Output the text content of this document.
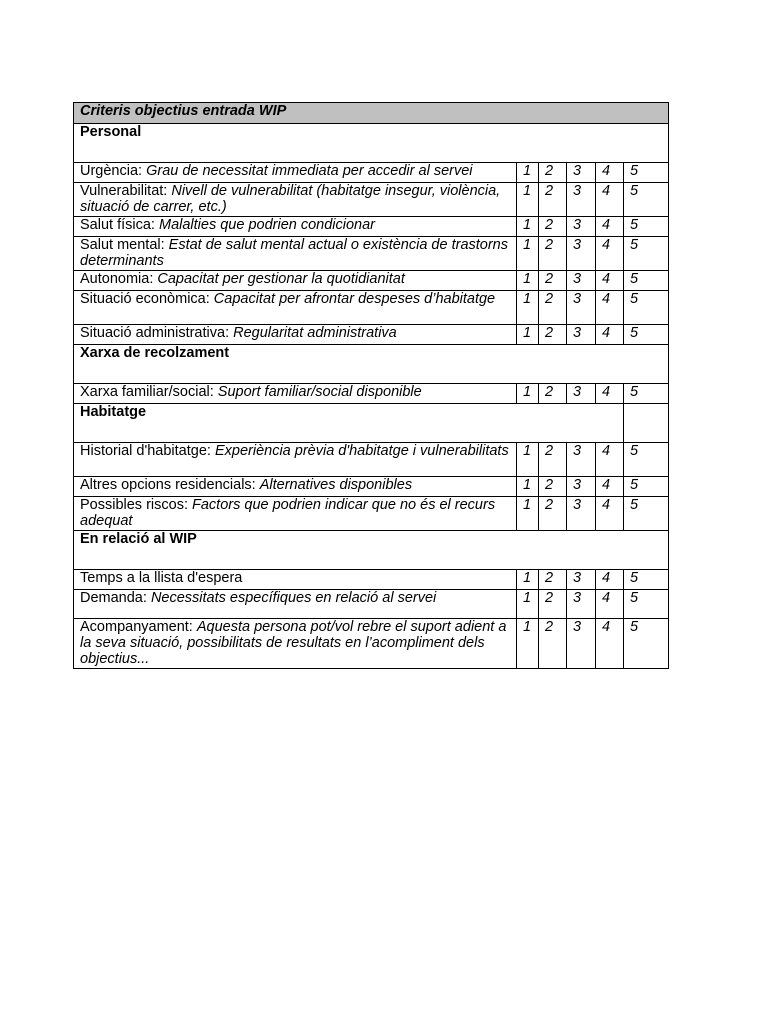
Criteris objectius entrada WIP					
Personal					
Urgència: Grau de necessitat immediata per accedir al servei	1	2	3	4	5
Vulnerabilitat: Nivell de vulnerabilitat (habitatge insegur, violència, situació de carrer, etc.)	1	2	3	4	5
Salut física: Malalties que podrien condicionar	1	2	3	4	5
Salut mental: Estat de salut mental actual o existència de trastorns determinants	1	2	3	4	5
Autonomia: Capacitat per gestionar la quotidianitat	1	2	3	4	5
Situació econòmica: Capacitat per afrontar despeses d’habitatge	1	2	3	4	5
Situació administrativa: Regularitat administrativa	1	2	3	4	5
Xarxa de recolzament					
Xarxa familiar/social: Suport familiar/social disponible	1	2	3	4	5
Habitatge					
Historial d'habitatge: Experiència prèvia d'habitatge i vulnerabilitats	1	2	3	4	5
Altres opcions residencials: Alternatives disponibles	1	2	3	4	5
Possibles riscos: Factors que podrien indicar que no és el recurs adequat	1	2	3	4	5
En relació al WIP					
Temps a la llista d'espera	1	2	3	4	5
Demanda: Necessitats específiques en relació al servei	1	2	3	4	5
Acompanyament: Aquesta persona pot/vol rebre el suport adient a la seva situació, possibilitats de resultats en l’acompliment dels objectius...	1	2	3	4	5
